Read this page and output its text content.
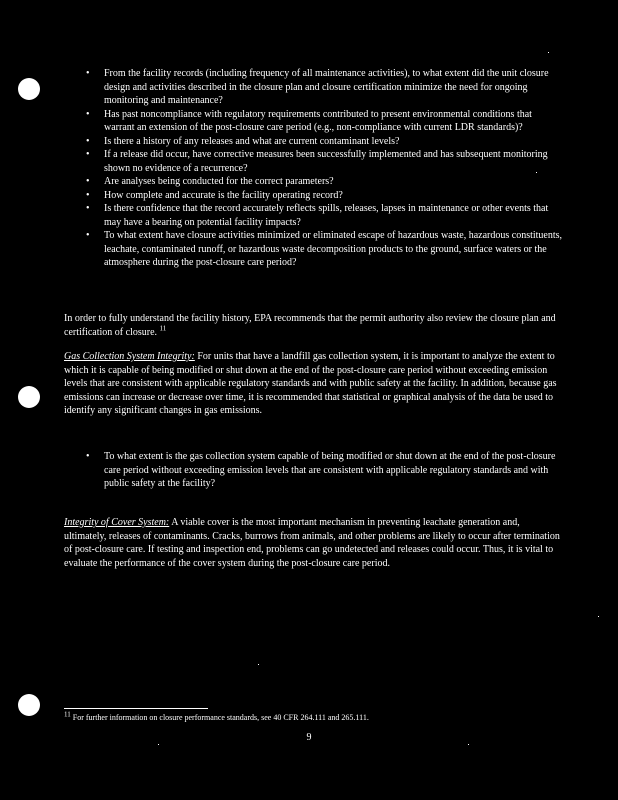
• From the facility records (including frequency of all maintenance activities), to what extent did the unit closure design and activities described in the closure plan and closure certification minimize the need for ongoing monitoring and maintenance?
• Has past noncompliance with regulatory requirements contributed to present environmental conditions that warrant an extension of the post-closure care period (e.g., non-compliance with current LDR standards)?
• Is there a history of any releases and what are current contaminant levels?
• If a release did occur, have corrective measures been successfully implemented and has subsequent monitoring shown no evidence of a recurrence?
• Are analyses being conducted for the correct parameters?
• How complete and accurate is the facility operating record?
• Is there confidence that the record accurately reflects spills, releases, lapses in maintenance or other events that may have a bearing on potential facility impacts?
• To what extent have closure activities minimized or eliminated escape of hazardous waste, hazardous constituents, leachate, contaminated runoff, or hazardous waste decomposition products to the ground, surface waters or the atmosphere during the post-closure care period?

In order to fully understand the facility history, EPA recommends that the permit authority also review the closure plan and certification of closure. $^{11}$

Gas Collection System Integrity: For units that have a landfill gas collection system, it is important to analyze the extent to which it is capable of being modified or shut down at the end of the post-closure care period without exceeding emission levels that are consistent with applicable regulatory standards and with public safety at the facility. In addition, because gas emissions can increase or decrease over time, it is recommended that statistical or graphical analysis of the data be used to identify any significant changes in gas emissions.

• To what extent is the gas collection system capable of being modified or shut down at the end of the post-closure care period without exceeding emission levels that are consistent with applicable regulatory standards and with public safety at the facility?

Integrity of Cover System: A viable cover is the most important mechanism in preventing leachate generation and, ultimately, releases of contaminants. Cracks, burrows from animals, and other problems are likely to occur after termination of post-closure care. If testing and inspection end, problems can go undetected and releases could occur. Thus, it is vital to evaluate the performance of the cover system during the post-closure care period.

11 For further information on closure performance standards, see 40 CFR 264.111 and 265.111.
9
